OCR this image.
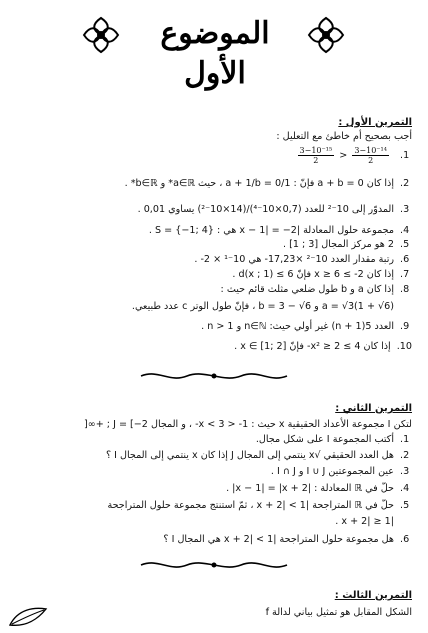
الموضوع الأول
التمرين الأول :
أجب بصحيح أم خاطئ مع التعليل :
1.
$\frac{\text{3−10⁻¹⁵}}{2} > \frac{\text{3−10⁻¹⁴}}{2}$
2.إذا كان a + b = 0 فإنّ : 1/a + 1/b = 0 ، حيث a∈ℝ* و b∈ℝ* .
3.المدوّر إلى 10⁻² للعدد (0,7×10⁻⁴)/(14×10⁻²) يساوي 0,01 .
4.مجموعة حلول المعادلة |x − 1| = −2 هي : S = {−1; 4} .
5.2 هو مركز المجال [3 ; 1] .
6.رتبة مقدار العدد 10⁻² ×17,23- هي 10⁻¹ × 2- .
7.إذا كان 2- ≥ x ≥ 6 فإنّ d(x ; 1) ≤ 6 .
8.إذا كان a و b طول ضلعي مثلث قائم حيث :
a = √3(1 + √6) و b = 3 − √6 ، فإنّ طول الوتر c عدد طبيعي.
9.العدد 5(n + 1) غير أولي حيث: n∈ℕ و n > 1 .
10.إذا كان 4 ≥ x² ≥ 2- فإنّ x ∈ [1; 2] .
التمرين الثاني :
لتكن I مجموعة الأعداد الحقيقية x حيث : 1- < x < 3- ، و المجال J = [−2 ; +∞[
1.أكتب المجموعة I على شكل مجال.
2.هل العدد الحقيقي √x ينتمي إلى المجال J إذا كان x ينتمي إلى المجال I ؟
3.عين المجموعتين I ∪ J و I ∩ J .
4.حلّ في ℝ المعادلة : |x − 1| = |x + 2| .
5.حلّ في ℝ المتراجحة |x + 2| < 1 ، ثمّ استنتج مجموعة حلول المتراجحة
|x + 2| ≥ 1 .
6.هل مجموعة حلول المتراجحة |x + 2| < 1 هي المجال I ؟
التمرين الثالث :
الشكل المقابل هو تمثيل بياني لدالة f
